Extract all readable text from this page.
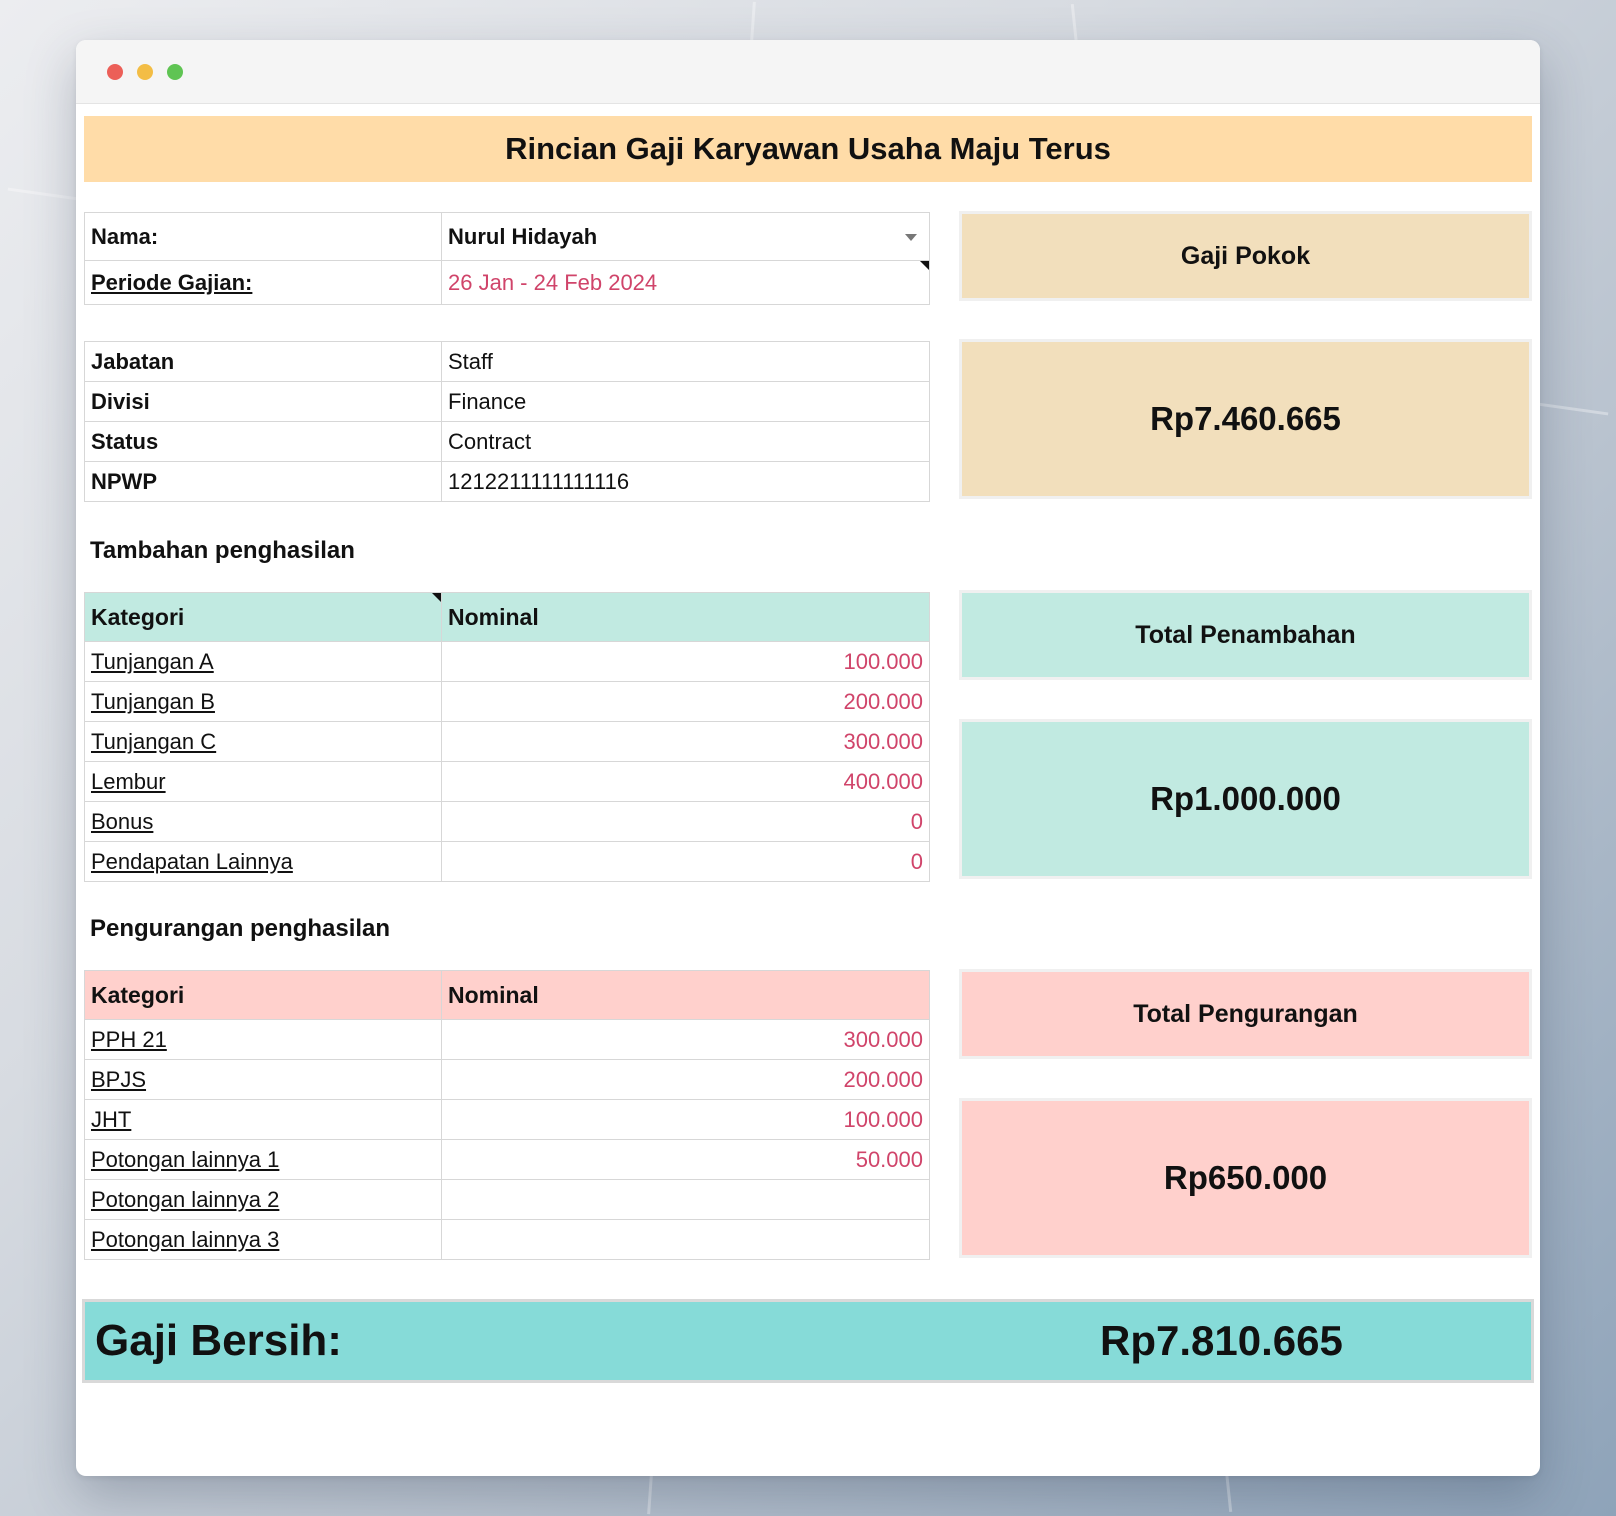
Rincian Gaji Karyawan Usaha Maju Terus
Nama:	Nurul Hidayah

Periode Gajian:	26 Jan - 24 Feb 2024
Jabatan	Staff
Divisi	Finance
Status	Contract
NPWP	1212211111111116
Tambahan penghasilan
Kategori	Nominal
Tunjangan A	100.000
Tunjangan B	200.000
Tunjangan C	300.000
Lembur	400.000
Bonus	0
Pendapatan Lainnya	0
Pengurangan penghasilan
Kategori	Nominal
PPH 21	300.000
BPJS	200.000
JHT	100.000
Potongan lainnya 1	50.000
Potongan lainnya 2	
Potongan lainnya 3	
Gaji Pokok
Rp7.460.665
Total Penambahan
Rp1.000.000
Total Pengurangan
Rp650.000
Gaji Bersih:	Rp7.810.665
